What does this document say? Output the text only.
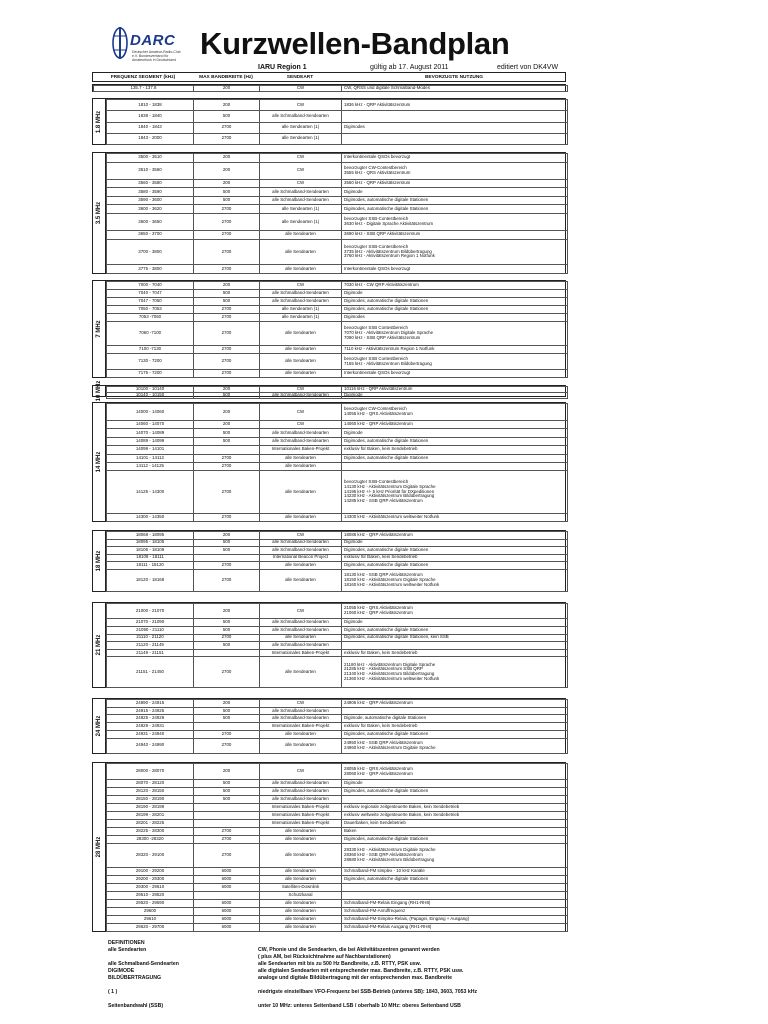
DARC
Deutscher Amateur-Radio-Club e.V. Bundesverband für Amateurfunk in Deutschland Kurzwellen-Bandplan
IARU Region 1	gültig ab 17. August 2011	editiert von DK4VW
FREQUENZ SEGMENT (kHz)	MAX BANDBREITE (Hz)	SENDEART	BEVORZUGTE NUTZUNG
135.7 - 137.8	200	CW	CW, QRSS und digitale Schmalband-Modes
1810 - 1838	200	CW	1836 kHz - QRP Aktivitätszentrum
1838 - 1840	500	alle Schmalband-Sendearten	
1840 - 1843	2700	alle Sendearten (1)	Digimodes
1843 - 2000	2700	alle Sendearten (1)	
1.8 MHz
3500 - 3510	200	CW	Interkontinentale QSOs bevorzugt
3510 - 3560	200	CW	bevorzugter CW-Contestbereich
3555 kHz - QRS Aktivitätszentrum
3560 - 3580	200	CW	3560 kHz - QRP Aktivitätszentrum
3580 - 3590	500	alle Schmalband-Sendearten	Digimode
3590 - 3600	500	alle Schmalband-Sendearten	Digimodes, automatische digitale Stationen
3600 - 3620	2700	alle Sendearten (1)	Digimodes, automatische digitale Stationen
3600 - 3650	2700	alle Sendearten (1)	bevorzugter SSB-Contestbereich
3630 kHz - Digitale Sprache Aktivitätszentrum
3650 - 3700	2700	alle Sendearten	3690 kHz - SSB QRP Aktivitätszentrum
3700 - 3800	2700	alle Sendearten	bevorzugter SSB-Contestbereich
3735 kHz - Aktivitätszentrum Bildübertragung
3760 kHz - Aktivitätszentrum Region 1 Notfunk
3775 - 3800	2700	alle Sendearten	Interkontinentale QSOs bevorzugt
3.5 MHz
7000 - 7040	200	CW	7030 kHz - CW QRP Aktivitätszentrum
7040 - 7047	500	alle Schmalband-Sendearten	Digimode
7047 - 7050	500	alle Schmalband-Sendearten	Digimodes, automatische digitale Stationen
7050 - 7053	2700	alle Sendearten (1)	Digimodes, automatische digitale Stationen
7053 -7060	2700	alle Sendearten (1)	Digimodes
7060 -7100	2700	alle Sendearten	bevorzugter SSB Contestbereich
7070 kHz - Aktivitätszentrum Digitale Sprache
7090 kHz - SSB QRP Aktivitätszentrum
7100 -7130	2700	alle Sendearten	7110 kHz - Aktivitätszentrum Region 1 Notfunk
7130 - 7200	2700	alle Sendearten	bevorzugter SSB Contestbereich
7165 kHz - Aktivitätszentrum Bildübertragung
7175 - 7200	2700	alle Sendearten	Interkontinentale QSOs bevorzugt
7 MHz
10100 - 10140	200	CW	10116 kHz - QRP Aktivitätszentrum
10140 - 10150	500	alle Schmalband-Sendearten	Digimode
10 MHz
14000 - 14060	200	CW	bevorzugter CW-Contestbereich
14055 kHz - QRS Aktivitätszentrum
14060 - 14070	200	CW	14060 kHz - QRP Aktivitätszentrum
14070 - 14089	500	alle Schmalband-Sendearten	Digimode
14089 - 14099	500	alle Schmalband-Sendearten	Digimodes, automatische digitale Stationen
14099 - 14101		Internationales Baken-Projekt	exklusiv für Baken, kein Sendebetrieb
14101 - 14112	2700	alle Sendearten	Digimodes, automatische digitale Stationen
14112 - 14125	2700	alle Sendearten	
14125 - 14300	2700	alle Sendearten	bevorzugter SSB-Contestbereich
14130 kHz - Aktivitätszentrum Digitale Sprache
14195 kHz +/- 5 kHz Priorität für DXpeditionen
14230 kHz - Aktivitätszentrum Bildübertragung
14285 kHz - SSB QRP Aktivitätszentrum
14300 - 14350	2700	alle Sendearten	14300 kHz - Aktivitätszentrum weltweiter Notfunk
14 MHz
18068 - 18095	200	CW	18086 kHz - QRP Aktivitätszentrum
18095 - 18105	500	alle Schmalband-Sendearten	Digimode
18105 - 18109	500	alle Schmalband-Sendearten	Digimodes, automatische digitale Stationen
18109 - 18111		International Beacon Project	exklusiv für Baken, kein Sendebetrieb
18111 - 18120	2700	alle Sendearten	Digimodes, automatische digitale Stationen
18120 - 18168	2700	alle Sendearten	18130 kHz - SSB QRP Aktivitätszentrum
18150 kHz - Aktivitätszentrum Digitale Sprache
18160 kHz - Aktivitätszentrum weltweiter Notfunk
18 MHz
21000 - 21070	200	CW	21055 kHz - QRS Aktivitätszentrum
21060 kHz - QRP Aktivitätszentrum
21070 - 21090	500	alle Schmalband-Sendearten	Digimode
21090 - 21110	500	alle Schmalband-Sendearten	Digimodes, automatische digitale Stationen
21110 - 21120	2700	alle Sendearten	Digimodes, automatische digitale Stationen, kein SSB
21120 - 21149	500	alle Schmalband-Sendearten	
21149 - 21151		Internationales Baken-Projekt	exklusiv für Baken, kein Sendebetrieb
21151 - 21450	2700	alle Sendearten	21180 kHz - Aktivitätszentrum Digitale Sprache
21285 kHz - Aktivitätszentrum SSB QRP
21340 kHz - Aktivitätszentrum Bildübertragung
21360 kHz - Aktivitätszentrum weltweiter Notfunk
21 MHz
24890 - 24915	200	CW	24906 kHz - QRP Aktivitätszentrum
24915 - 24925	500	alle Schmalband-Sendearten	
24925 - 24929	500	alle Schmalband-Sendearten	Digimode, automatische digitale Stationen
24929 - 24931		Internationales Baken-Projekt	exklusiv für Baken, kein Sendebetrieb
24931 - 24940	2700	alle Sendearten	Digimodes, automatische digitale Stationen
24940 - 24990	2700	alle Sendearten	24950 kHz - SSB QRP Aktivitätszentrum
24960 kHz - Aktivitätszentrum Digitale Sprache
24 MHz
28000 - 28070	200	CW	28055 kHz - QRS Aktivitätszentrum
28060 kHz - QRP Aktivitätszentrum
28070 - 28120	500	alle Schmalband-Sendearten	Digimode
28120 - 28150	500	alle Schmalband-Sendearten	Digimodes, automatische digitale Stationen
28150 - 28190	500	alle Schmalband-Sendearten	
28190 - 28199		Internationales Baken-Projekt	exklusiv regionale zeitgesteuerte Baken, kein Sendebetrieb
28199 - 28201		Internationales Baken-Projekt	exklusiv weltweite zeitgesteuerte Baken, kein Sendebetrieb
28201 - 28225		Internationales Baken-Projekt	Dauerbaken, kein Sendebetrieb
28225 - 28300	2700	alle Sendearten	Baken
28300 -28320	2700	alle Sendearten	Digimodes, automatische digitale Stationen
28320 - 29100	2700	alle Sendearten	28330 kHz - Aktivitätszentrum Digitale Sprache
28360 kHz - SSB QRP Aktivitätszentrum
28680 kHz - Aktivitätszentrum Bildübertragung
29100 - 29200	6000	alle Sendearten	Schmalband-FM simplex - 10 kHz Kanäle
29200 - 29300	6000	alle Sendearten	Digimodes, automatische digitale Stationen
29300 - 29510	6000	Satelliten-Downlink	
29510 - 29520		Schutzkanal	
29520 - 29590	6000	alle Sendearten	Schmalband-FM-Relais Eingang (RH1-RH8)
29600	6000	alle Sendearten	Schmalband-FM-Anruffrequenz
29610	6000	alle Sendearten	Schmalband-FM-Simplex-Relais, (Papagei, Eingang + Ausgang)
29620 - 29700	6000	alle Sendearten	Schmalband-FM-Relais Ausgang (RH1-RH8)
28 MHz
DEFINITIONEN
alle Sendearten	CW, Phonie und die Sendearten, die bei Aktivitätszentren genannt werden
( plus AM, bei Rücksichtnahme auf Nachbarstationen)
alle Schmalband-Sendearten	alle Sendearten mit bis zu 500 Hz Bandbreite, z.B. RTTY, PSK usw.
DIGIMODE	alle digitalen Sendearten mit entsprechender max. Bandbreite, z.B. RTTY, PSK usw.
BILDÜBERTRAGUNG	analoge und digitale Bildübertragung mit der entsprechenden max. Bandbreite
( 1 )	niedrigste einstellbare VFO-Frequenz bei SSB-Betrieb (unteres SB): 1843, 3603, 7053 kHz
Seitenbandwahl (SSB)	unter 10 MHz: unteres Seitenband LSB / oberhalb 10 MHz: oberes Seitenband USB
